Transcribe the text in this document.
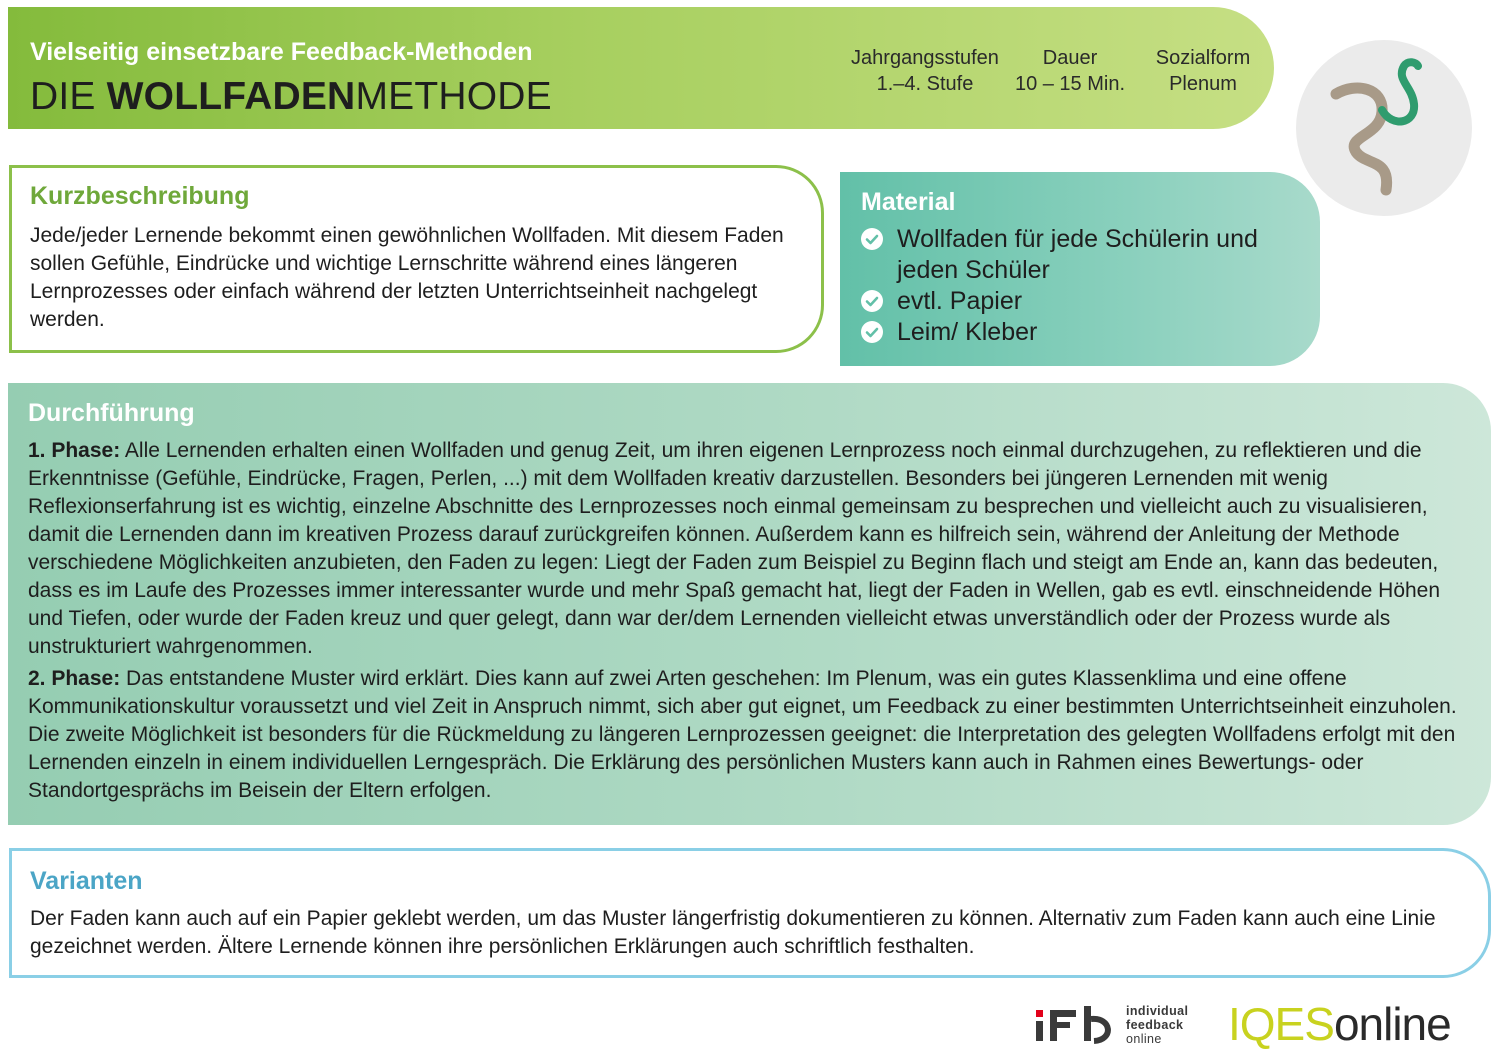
Vielseitig einsetzbare Feedback-Methoden
DIE WOLLFADENMETHODE
Jahrgangsstufen
1.–4. Stufe
Dauer
10 – 15 Min.
Sozialform
Plenum
Kurzbeschreibung

Jede/jeder Lernende bekommt einen gewöhnlichen Wollfaden. Mit diesem Faden sollen Gefühle, Eindrücke und wichtige Lernschritte während eines längeren Lernprozesses oder einfach während der letzten Unterrichtseinheit nachgelegt werden.

Material
Wollfaden für jede Schülerin und jeden Schüler
evtl. Papier
Leim/ Kleber
Durchführung

1. Phase: Alle Lernenden erhalten einen Wollfaden und genug Zeit, um ihren eigenen Lernprozess noch einmal durchzugehen, zu reflektieren und die Erkenntnisse (Gefühle, Eindrücke, Fragen, Perlen, ...) mit dem Wollfaden kreativ darzustellen. Besonders bei jüngeren Lernenden mit wenig Reflexionserfahrung ist es wichtig, einzelne Abschnitte des Lernprozesses noch einmal gemeinsam zu besprechen und vielleicht auch zu visualisieren, damit die Lernenden dann im kreativen Prozess darauf zurückgreifen können. Außerdem kann es hilfreich sein, während der Anleitung der Methode verschiedene Möglichkeiten anzubieten, den Faden zu legen: Liegt der Faden zum Beispiel zu Beginn flach und steigt am Ende an, kann das bedeuten, dass es im Laufe des Prozesses immer interessanter wurde und mehr Spaß gemacht hat, liegt der Faden in Wellen, gab es evtl. einschneidende Höhen und Tiefen, oder wurde der Faden kreuz und quer gelegt, dann war der/dem Lernenden vielleicht etwas unverständlich oder der Prozess wurde als unstrukturiert wahrgenommen.

2. Phase: Das entstandene Muster wird erklärt. Dies kann auf zwei Arten geschehen: Im Plenum, was ein gutes Klassenklima und eine offene Kommunikationskultur voraussetzt und viel Zeit in Anspruch nimmt, sich aber gut eignet, um Feedback zu einer bestimmten Unterrichtseinheit einzuholen. Die zweite Möglichkeit ist besonders für die Rückmeldung zu längeren Lernprozessen geeignet: die Interpretation des gelegten Wollfadens erfolgt mit den Lernenden einzeln in einem individuellen Lerngespräch. Die Erklärung des persönlichen Musters kann auch in Rahmen eines Bewertungs- oder Standortgesprächs im Beisein der Eltern erfolgen.

Varianten

Der Faden kann auch auf ein Papier geklebt werden, um das Muster längerfristig dokumentieren zu können. Alternativ zum Faden kann auch eine Linie gezeichnet werden. Ältere Lernende können ihre persönlichen Erklärungen auch schriftlich festhalten.

individual
feedback
online	IQESonline
